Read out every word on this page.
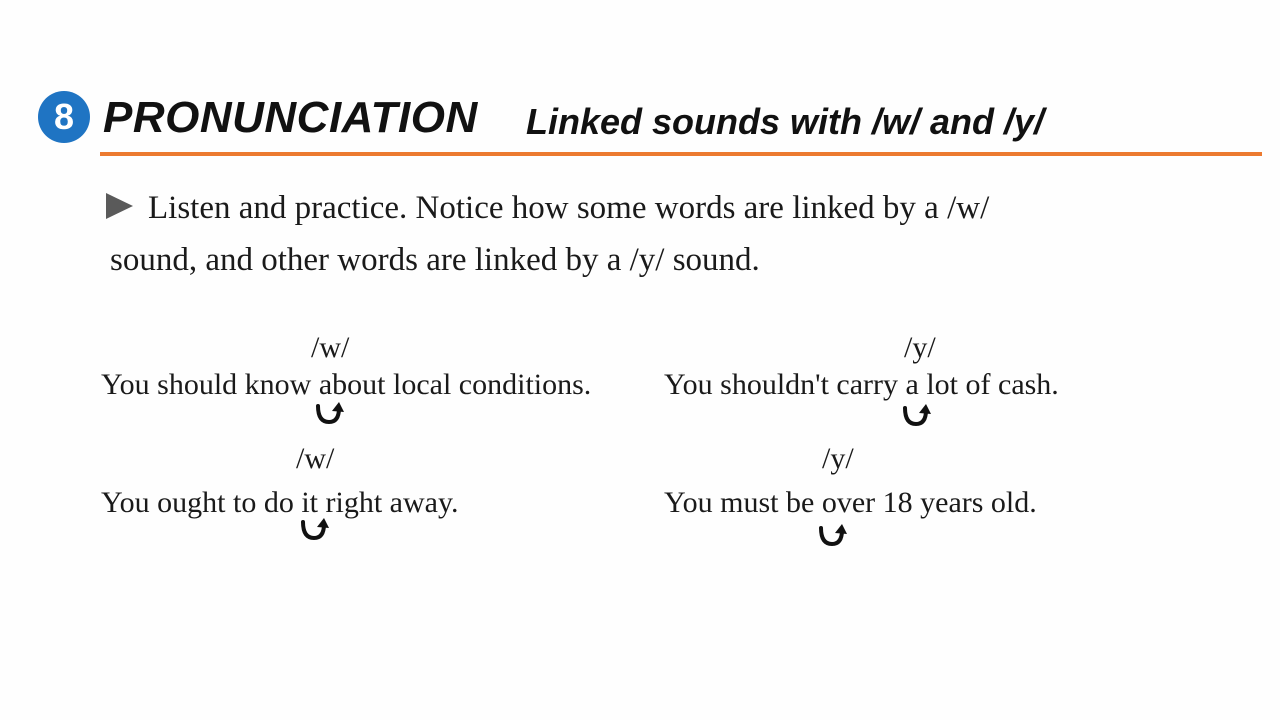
8 PRONUNCIATION Linked sounds with /w/ and /y/
Listen and practice. Notice how some words are linked by a /w/
sound, and other words are linked by a /y/ sound.
/w/
You should know about local conditions.
/y/
You shouldn't carry a lot of cash.
/w/
You ought to do it right away.
/y/
You must be over 18 years old.
